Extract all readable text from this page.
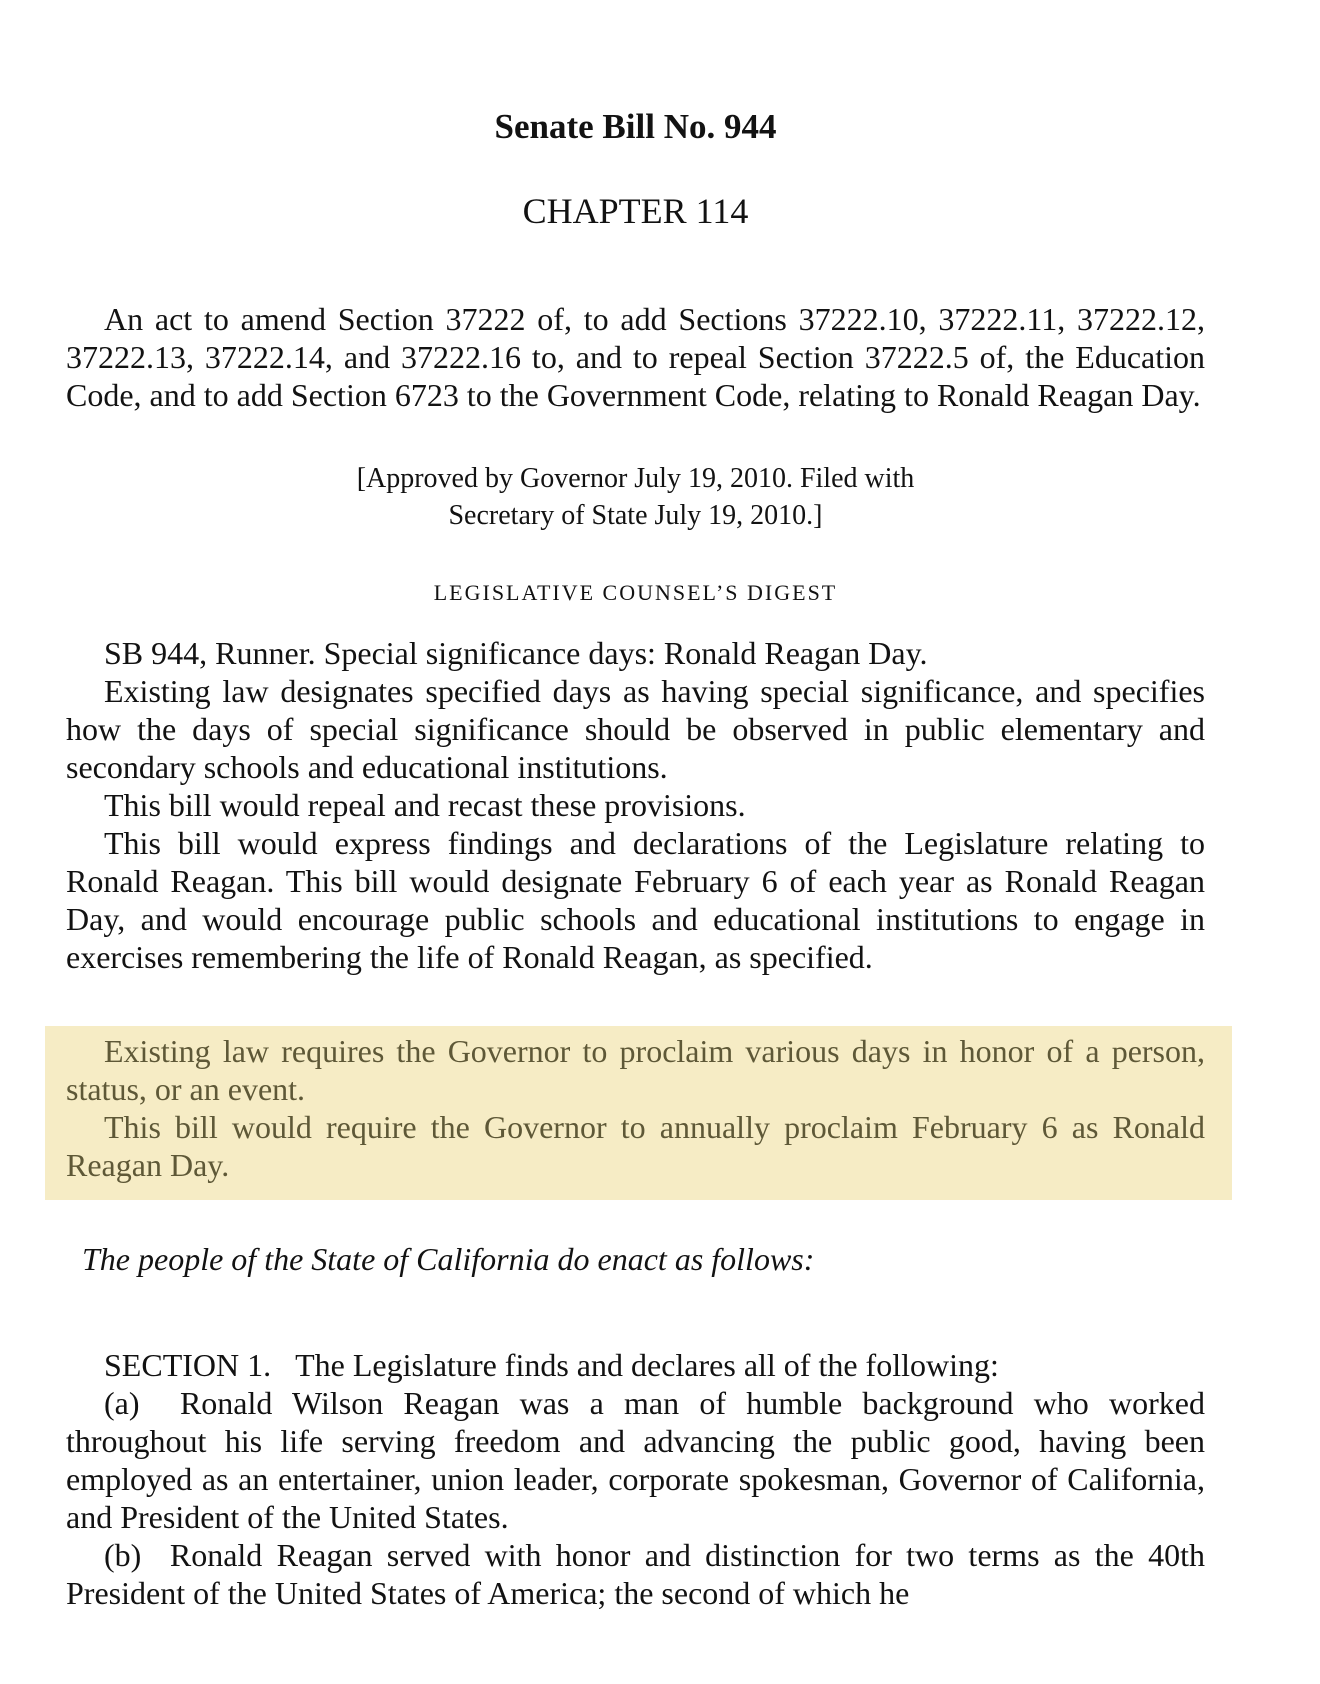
Senate Bill No. 944
CHAPTER 114

An act to amend Section 37222 of, to add Sections 37222.10, 37222.11, 37222.12, 37222.13, 37222.14, and 37222.16 to, and to repeal Section 37222.5 of, the Education Code, and to add Section 6723 to the Government Code, relating to Ronald Reagan Day.

[Approved by Governor July 19, 2010. Filed with
Secretary of State July 19, 2010.]
LEGISLATIVE COUNSEL’S DIGEST

SB 944, Runner. Special significance days: Ronald Reagan Day.

Existing law designates specified days as having special significance, and specifies how the days of special significance should be observed in public elementary and secondary schools and educational institutions.

This bill would repeal and recast these provisions.

This bill would express findings and declarations of the Legislature relating to Ronald Reagan. This bill would designate February 6 of each year as Ronald Reagan Day, and would encourage public schools and educational institutions to engage in exercises remembering the life of Ronald Reagan, as specified.

Existing law requires the Governor to proclaim various days in honor of a person, status, or an event.

This bill would require the Governor to annually proclaim February 6 as Ronald Reagan Day.

The people of the State of California do enact as follows:

SECTION 1.   The Legislature finds and declares all of the following:

(a)  Ronald Wilson Reagan was a man of humble background who worked throughout his life serving freedom and advancing the public good, having been employed as an entertainer, union leader, corporate spokesman, Governor of California, and President of the United States.

(b)  Ronald Reagan served with honor and distinction for two terms as the 40th President of the United States of America; the second of which he
